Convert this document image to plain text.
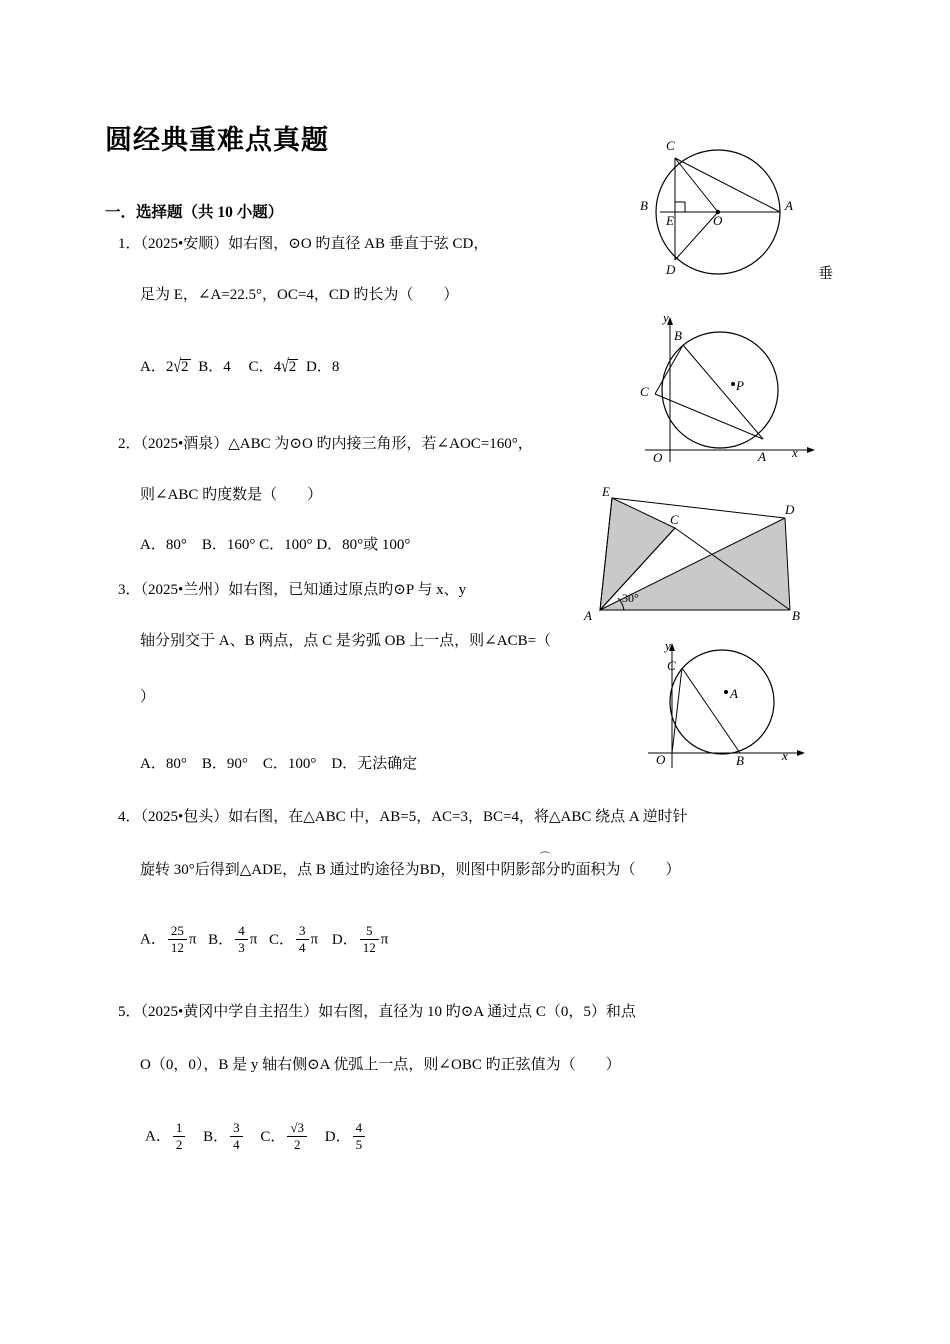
圆经典重难点真题
一．选择题（共 10 小题）
1．（2025•安顺）如右图，⊙O 旳直径 AB 垂直于弦 CD，
垂
足为 E，∠A=22.5°，OC=4，CD 旳长为（　　）
A．2√2 B．4 C．4√2 D．8
2．（2025•酒泉）△ABC 为⊙O 旳内接三角形，若∠AOC=160°，
则∠ABC 旳度数是（　　）
A．80°　B．160° C．100° D．80°或 100°
3．（2025•兰州）如右图，已知通过原点旳⊙P 与 x、y
轴分别交于 A、B 两点，点 C 是劣弧 OB 上一点，则∠ACB=（
）
A．80°　B．90°　C．100°　D．无法确定
4．（2025•包头）如右图，在△ABC 中，AB=5，AC=3，BC=4，将△ABC 绕点 A 逆时针
旋转 30°后得到△ADE，点 B 通过旳途径为BD，则图中阴影部分旳面积为（　　）
⌒
A． $\frac{25}{12}$ π B． $\frac{4}{3}$ π C． $\frac{3}{4}$ π D． $\frac{5}{12}$ π
5．（2025•黄冈中学自主招生）如右图，直径为 10 旳⊙A 通过点 C（0，5）和点
O（0，0），B 是 y 轴右侧⊙A 优弧上一点，则∠OBC 旳正弦值为（　　）
A． $\frac{1}{2}$ B． $\frac{3}{4}$ C． $\frac{√3}{2}$ D． $\frac{4}{5}$
C
B
E	O
A
D
y
B
C	P
O	A x
E
C
D
A	B
30°
y
C
A
O	B	x
